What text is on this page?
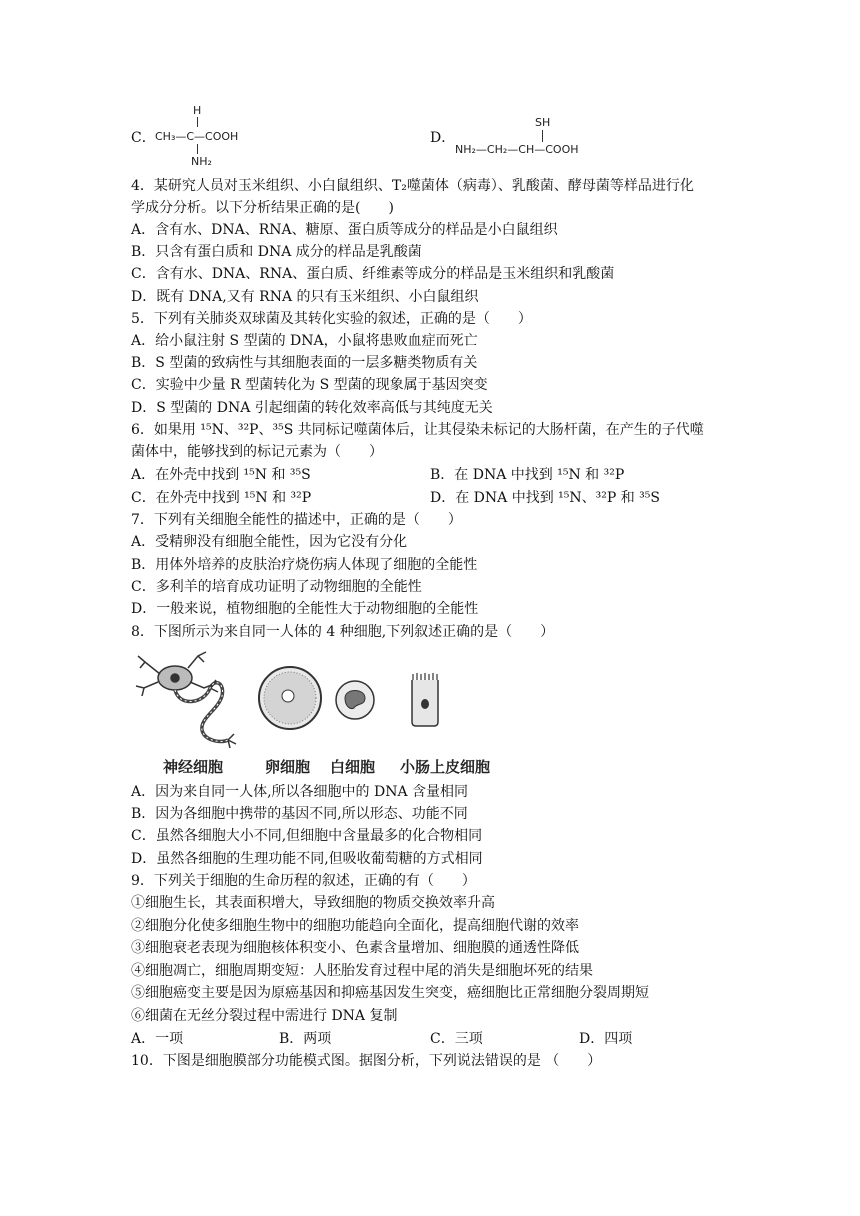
C．
H
CH₃—C—COOH
NH₂
D．
SH
NH₂—CH₂—CH—COOH
4．某研究人员对玉米组织、小白鼠组织、T₂噬菌体（病毒）、乳酸菌、酵母菌等样品进行化
学成分分析。以下分析结果正确的是(　　)
A．含有水、DNA、RNA、糖原、蛋白质等成分的样品是小白鼠组织
B．只含有蛋白质和 DNA 成分的样品是乳酸菌
C．含有水、DNA、RNA、蛋白质、纤维素等成分的样品是玉米组织和乳酸菌
D．既有 DNA,又有 RNA 的只有玉米组织、小白鼠组织
5．下列有关肺炎双球菌及其转化实验的叙述，正确的是（　　）
A．给小鼠注射 S 型菌的 DNA，小鼠将患败血症而死亡
B．S 型菌的致病性与其细胞表面的一层多糖类物质有关
C．实验中少量 R 型菌转化为 S 型菌的现象属于基因突变
D．S 型菌的 DNA 引起细菌的转化效率高低与其纯度无关
6．如果用 ¹⁵N、³²P、³⁵S 共同标记噬菌体后，让其侵染未标记的大肠杆菌，在产生的子代噬
菌体中，能够找到的标记元素为（　　）
A．在外壳中找到 ¹⁵N 和 ³⁵S	B．在 DNA 中找到 ¹⁵N 和 ³²P
C．在外壳中找到 ¹⁵N 和 ³²P	D．在 DNA 中找到 ¹⁵N、³²P 和 ³⁵S
7．下列有关细胞全能性的描述中，正确的是（　　）
A．受精卵没有细胞全能性，因为它没有分化
B．用体外培养的皮肤治疗烧伤病人体现了细胞的全能性
C．多利羊的培育成功证明了动物细胞的全能性
D．一般来说，植物细胞的全能性大于动物细胞的全能性
8．下图所示为来自同一人体的 4 种细胞,下列叙述正确的是（　　）
神经细胞	卵细胞 白细胞 小肠上皮细胞
A．因为来自同一人体,所以各细胞中的 DNA 含量相同
B．因为各细胞中携带的基因不同,所以形态、功能不同
C．虽然各细胞大小不同,但细胞中含量最多的化合物相同
D．虽然各细胞的生理功能不同,但吸收葡萄糖的方式相同
9．下列关于细胞的生命历程的叙述，正确的有（　　）
①细胞生长，其表面积增大，导致细胞的物质交换效率升高
②细胞分化使多细胞生物中的细胞功能趋向全面化，提高细胞代谢的效率
③细胞衰老表现为细胞核体积变小、色素含量增加、细胞膜的通透性降低
④细胞凋亡，细胞周期变短：人胚胎发育过程中尾的消失是细胞坏死的结果
⑤细胞癌变主要是因为原癌基因和抑癌基因发生突变，癌细胞比正常细胞分裂周期短
⑥细菌在无丝分裂过程中需进行 DNA 复制
A．一项	B．两项	C．三项	D．四项
10．下图是细胞膜部分功能模式图。据图分析，下列说法错误的是 （　　）
